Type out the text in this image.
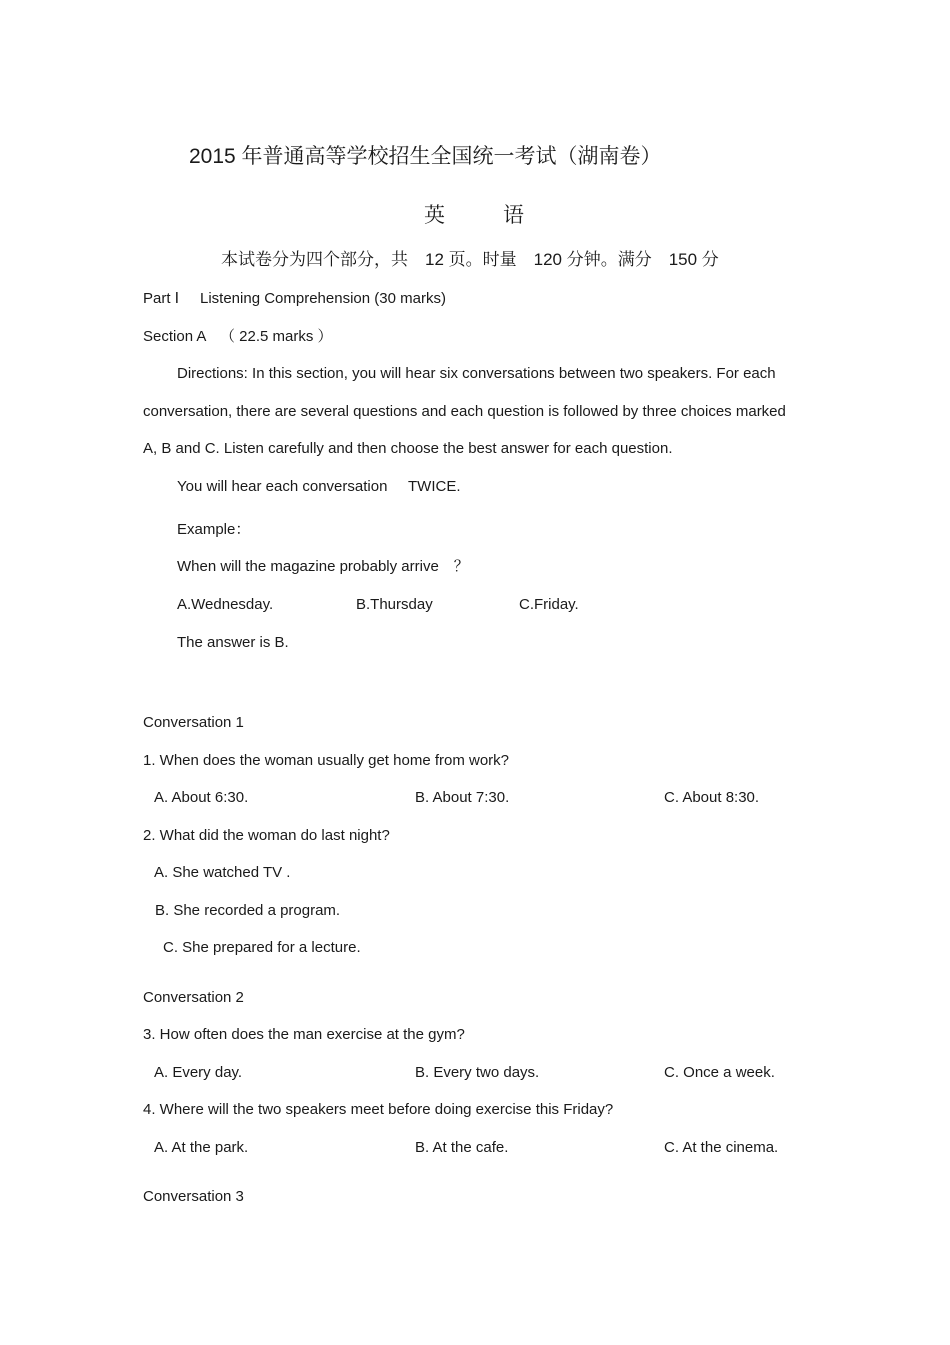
2015 年普通高等学校招生全国统一考试（湖南卷）
英	语
本试卷分为四个部分，共　12 页。时量　120 分钟。满分　150 分
Part Ⅰ Listening Comprehension (30 marks)
Section A （ 22.5 marks ）
Directions: In this section, you will hear six conversations between two speakers. For each
conversation, there are several questions and each question is followed by three choices marked
A, B and C. Listen carefully and then choose the best answer for each question.
You will hear each conversation TWICE.
Example：
When will the magazine probably arrive　？
A.Wednesday.	B.Thursday	C.Friday.
The answer is B.
Conversation 1
1. When does the woman usually get home from work?
A. About 6:30.	B. About 7:30.	C. About 8:30.
2. What did the woman do last night?
A. She watched TV .
B. She recorded a program.
C. She prepared for a lecture.
Conversation 2
3. How often does the man exercise at the gym?
A. Every day.	B. Every two days.	C. Once a week.
4. Where will the two speakers meet before doing exercise this Friday?
A. At the park.	B. At the cafe.	C. At the cinema.
Conversation 3
